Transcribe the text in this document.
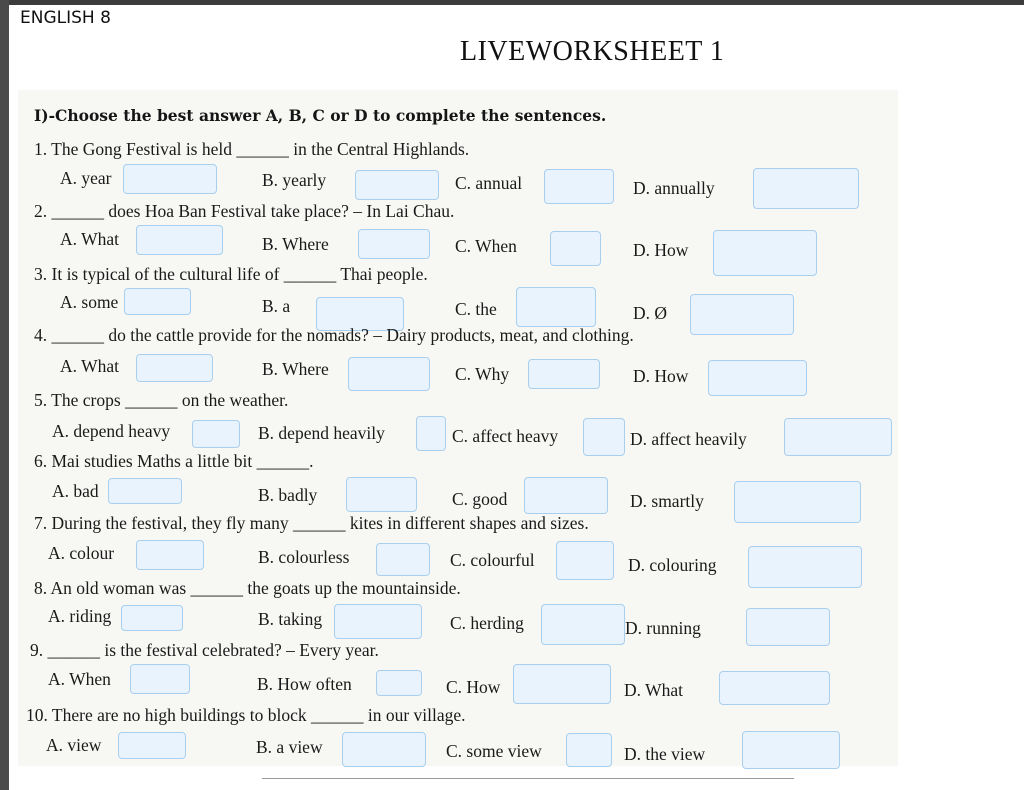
ENGLISH 8
LIVEWORKSHEET 1
I)-Choose the best answer A, B, C or D to complete the sentences.
1. The Gong Festival is held ______ in the Central Highlands.
A. year	B. yearly	C. annual	D. annually
2. ______ does Hoa Ban Festival take place? – In Lai Chau.
A. What	B. Where	C. When	D. How
3. It is typical of the cultural life of ______ Thai people.
A. some	B. a	C. the	D. Ø
4. ______ do the cattle provide for the nomads? – Dairy products, meat, and clothing.
A. What	B. Where	C. Why	D. How
5. The crops ______ on the weather.
A. depend heavy	B. depend heavily	C. affect heavy	D. affect heavily
6. Mai studies Maths a little bit ______.
A. bad	B. badly	C. good	D. smartly
7. During the festival, they fly many ______ kites in different shapes and sizes.
A. colour	B. colourless	C. colourful	D. colouring
8. An old woman was ______ the goats up the mountainside.
A. riding	B. taking	C. herding	D. running
9. ______ is the festival celebrated? – Every year.
A. When	B. How often	C. How	D. What
10. There are no high buildings to block ______ in our village.
A. view	B. a view	C. some view	D. the view
